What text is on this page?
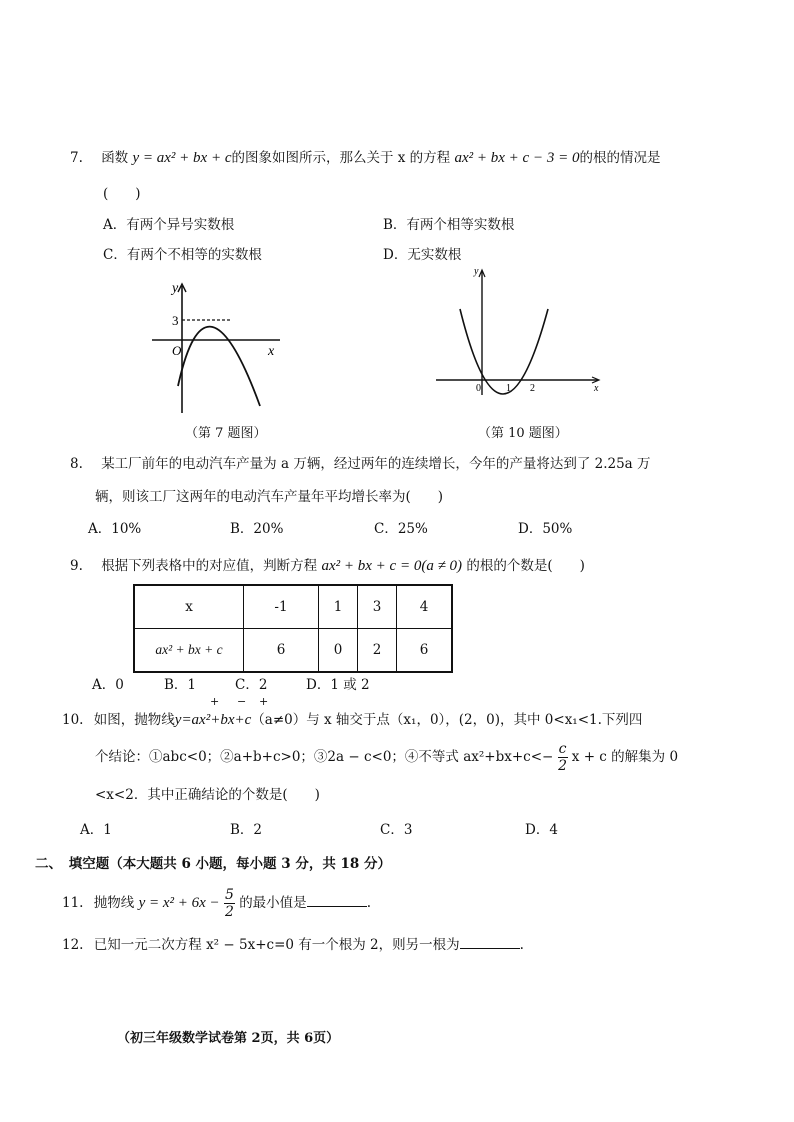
7. 函数 y = ax² + bx + c的图象如图所示，那么关于 x 的方程 ax² + bx + c − 3 = 0的根的情况是
(　　)
A．有两个异号实数根	B．有两个相等实数根
C．有两个不相等的实数根	D．无实数根
y
x
O
3
（第 7 题图）
y
x
0	1 2
（第 10 题图）
8. 某工厂前年的电动汽车产量为 a 万辆，经过两年的连续增长，今年的产量将达到了 2.25a 万
辆，则该工厂这两年的电动汽车产量年平均增长率为(　　)
A．10%	B．20%	C．25%	D．50%
9. 根据下列表格中的对应值，判断方程 ax² + bx + c = 0(a ≠ 0) 的根的个数是(　　)
x	-1	1	3	4
ax² + bx + c	6	0	2	6
A．0	B．1	C．2	D．1 或 2
+ − +
10. 如图，抛物线y=ax²+bx+c（a≠0）与 x 轴交于点（x₁，0），(2，0)，其中 0<x₁<1.下列四
个结论：①abc<0；②a+b+c>0；③2a − c<0；④不等式 $ax^2+bx+c<- \frac{c}{2}$ x + c 的解集为 0
<x<2．其中正确结论的个数是(　　)
A．1	B．2	C．3	D．4
二、　填空题（本大题共 6 小题，每小题 3 分，共 18 分）
11. 抛物线 $y = x^2 + 6x - \frac{5}{2}$ 的最小值是	.
12. 已知一元二次方程 x² − 5x+c=0 有一个根为 2，则另一根为	.
（初三年级数学试卷第 2页，共 6页）
